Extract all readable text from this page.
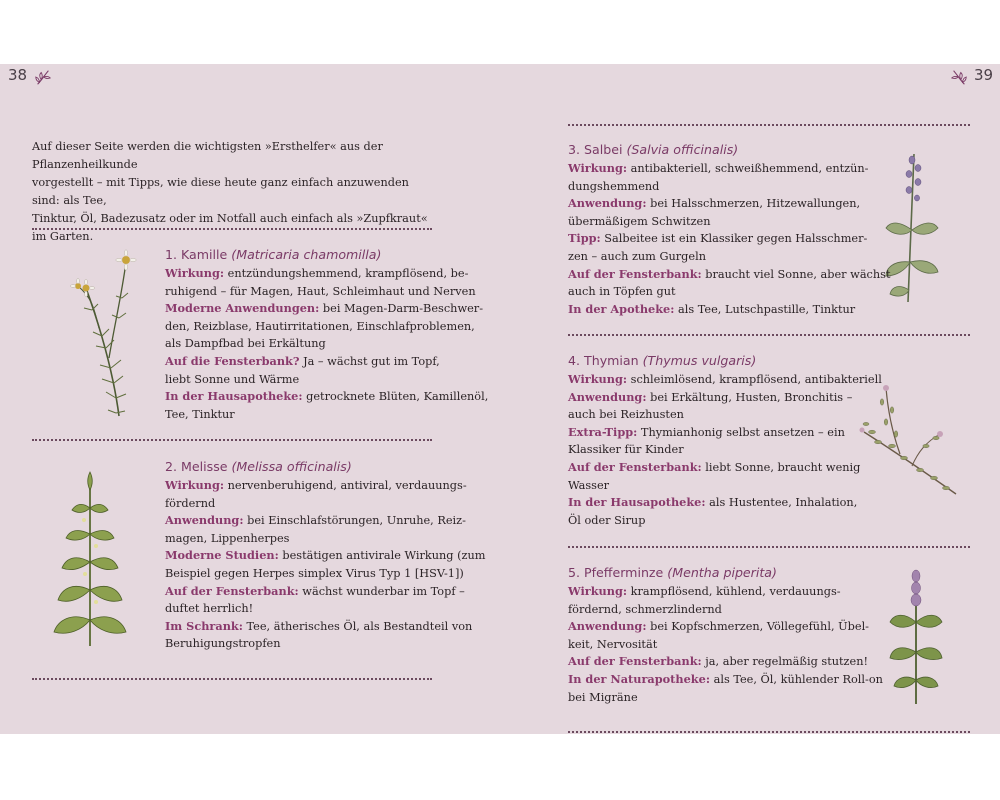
38	39
Auf dieser Seite werden die wichtigsten »Ersthelfer« aus der Pflanzenheilkunde
vorgestellt – mit Tipps, wie diese heute ganz einfach anzuwenden sind: als Tee,
Tinktur, Öl, Badezusatz oder im Notfall auch einfach als »Zupfkraut« im Garten.
1. Kamille (Matricaria chamomilla)
Wirkung: entzündungshemmend, krampflösend, be-
ruhigend – für Magen, Haut, Schleimhaut und Nerven
Moderne Anwendungen: bei Magen-Darm-Beschwer-
den, Reizblase, Hautirritationen, Einschlafproblemen,
als Dampfbad bei Erkältung
Auf die Fensterbank? Ja – wächst gut im Topf,
liebt Sonne und Wärme
In der Hausapotheke: getrocknete Blüten, Kamillenöl,
Tee, Tinktur
2. Melisse (Melissa officinalis)
Wirkung: nervenberuhigend, antiviral, verdauungs-
fördernd
Anwendung: bei Einschlafstörungen, Unruhe, Reiz-
magen, Lippenherpes
Moderne Studien: bestätigen antivirale Wirkung (zum
Beispiel gegen Herpes simplex Virus Typ 1 [HSV-1])
Auf der Fensterbank: wächst wunderbar im Topf –
duftet herrlich!
Im Schrank: Tee, ätherisches Öl, als Bestandteil von
Beruhigungstropfen
3. Salbei (Salvia officinalis)
Wirkung: antibakteriell, schweißhemmend, entzün-
dungshemmend
Anwendung: bei Halsschmerzen, Hitzewallungen,
übermäßigem Schwitzen
Tipp: Salbeitee ist ein Klassiker gegen Halsschmer-
zen – auch zum Gurgeln
Auf der Fensterbank: braucht viel Sonne, aber wächst
auch in Töpfen gut
In der Apotheke: als Tee, Lutschpastille, Tinktur
4. Thymian (Thymus vulgaris)
Wirkung: schleimlösend, krampflösend, antibakteriell
Anwendung: bei Erkältung, Husten, Bronchitis –
auch bei Reizhusten
Extra-Tipp: Thymianhonig selbst ansetzen – ein
Klassiker für Kinder
Auf der Fensterbank: liebt Sonne, braucht wenig
Wasser
In der Hausapotheke: als Hustentee, Inhalation,
Öl oder Sirup
5. Pfefferminze (Mentha piperita)
Wirkung: krampflösend, kühlend, verdauungs-
fördernd, schmerzlindernd
Anwendung: bei Kopfschmerzen, Völlegefühl, Übel-
keit, Nervosität
Auf der Fensterbank: ja, aber regelmäßig stutzen!
In der Naturapotheke: als Tee, Öl, kühlender Roll-on
bei Migräne
